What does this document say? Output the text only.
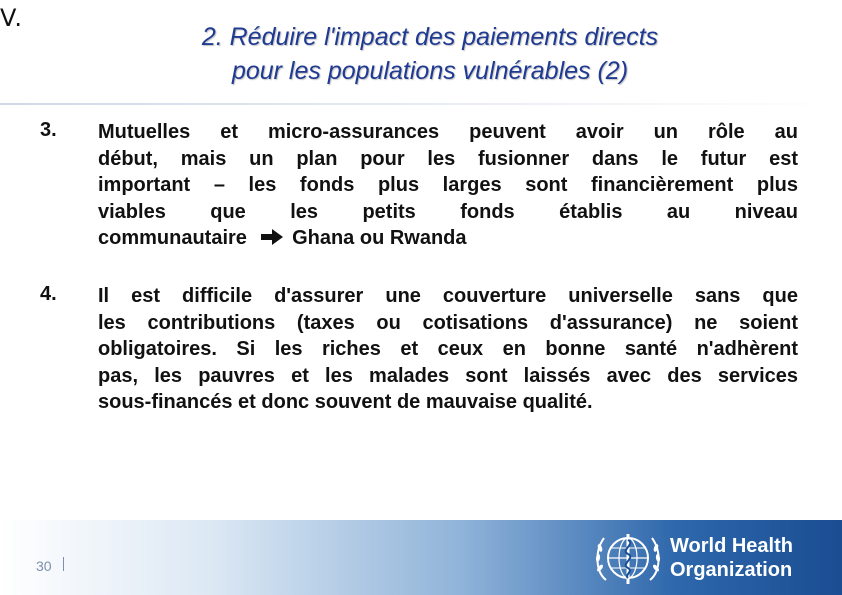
V.
2. Réduire l'impact des paiements directs
pour les populations vulnérables (2)
3. Mutuelles et micro-assurances peuvent avoir un rôle au
début, mais un plan pour les fusionner dans le futur est
important – les fonds plus larges sont financièrement plus
viables que les petits fonds établis au niveau
communautaire Ghana ou Rwanda
4. Il est difficile d'assurer une couverture universelle sans que
les contributions (taxes ou cotisations d'assurance) ne soient
obligatoires. Si les riches et ceux en bonne santé n'adhèrent
pas, les pauvres et les malades sont laissés avec des services
sous-financés et donc souvent de mauvaise qualité.
30
World Health
Organization
